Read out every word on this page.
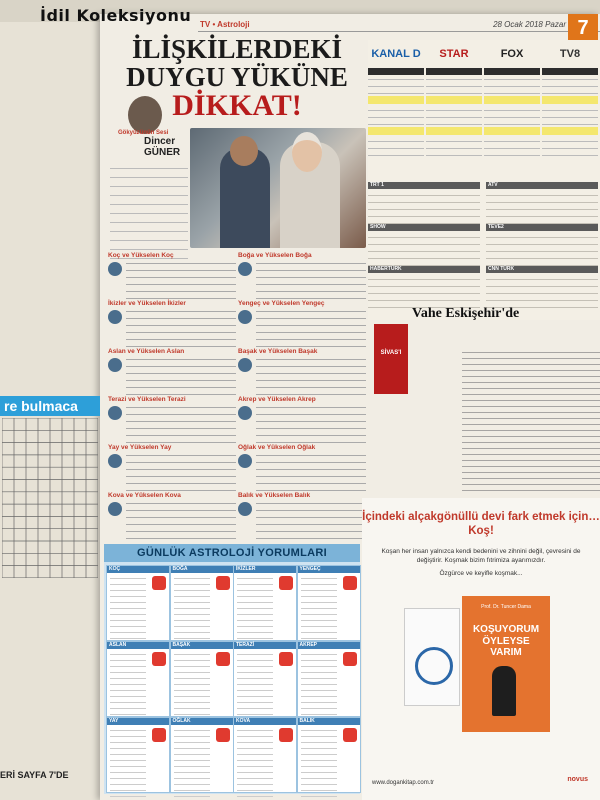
İdil Koleksiyonu TV • Astroloji	28 Ocak 2018 Pazar 7
İLİŞKİLERDEKİ
DUYGU YÜKÜNE
DİKKAT!
Gökyüzünün Sesi
Dincer
GÜNER
Koç ve Yükselen Koç	Boğa ve Yükselen Boğa
İkizler ve Yükselen İkizler	Yengeç ve Yükselen Yengeç
Aslan ve Yükselen Aslan	Başak ve Yükselen Başak
Terazi ve Yükselen Terazi	Akrep ve Yükselen Akrep
Yay ve Yükselen Yay	Oğlak ve Yükselen Oğlak
Kova ve Yükselen Kova	Balık ve Yükselen Balık
KANAL D	STAR	FOX	TV8
TRT 1	ATV
SHOW	TEVE2
HABERTÜRK	CNN TÜRK
Vahe Eskişehir'de
SİVAS'I
re bulmaca
ERİ SAYFA 7'DE
GÜNLÜK ASTROLOJİ YORUMLARI
KOÇ	BOĞA	İKİZLER	YENGEÇ
ASLAN	BAŞAK	TERAZİ	AKREP
YAY	OĞLAK	KOVA	BALIK
İçindeki alçakgönüllü devi fark etmek için… Koş!
Koşan her insan yalnızca kendi bedenini ve zihnini değil, çevresini de değiştirir. Koşmak bizim fıtrimiza ayarımızdır.
Özgürce ve keyifle koşmak...
Prof. Dr. Tuncer Dama
KOŞUYORUM ÖYLEYSE VARIM
www.dogankitap.com.tr	novus
